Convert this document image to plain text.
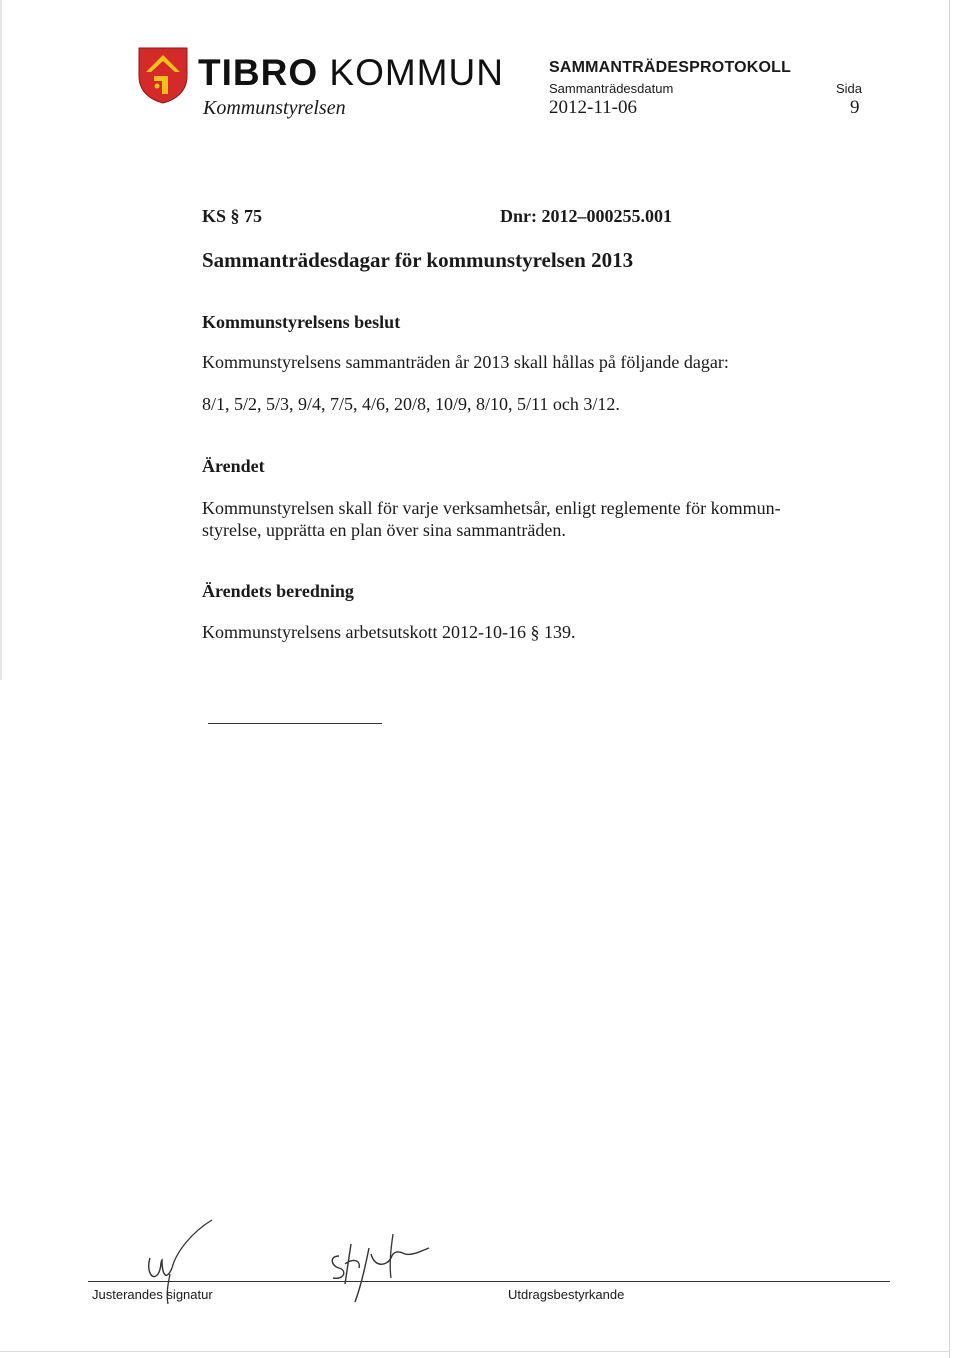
TIBRO KOMMUN
Kommunstyrelsen
SAMMANTRÄDESPROTOKOLL
Sammanträdesdatum
2012-11-06
Sida
9
KS § 75	Dnr: 2012–000255.001
Sammanträdesdagar för kommunstyrelsen 2013
Kommunstyrelsens beslut
Kommunstyrelsens sammanträden år 2013 skall hållas på följande dagar:
8/1, 5/2, 5/3, 9/4, 7/5, 4/6, 20/8, 10/9, 8/10, 5/11 och 3/12.
Ärendet
Kommunstyrelsen skall för varje verksamhetsår, enligt reglemente för kommun-
styrelse, upprätta en plan över sina sammanträden.
Ärendets beredning
Kommunstyrelsens arbetsutskott 2012-10-16 § 139.
Justerandes signatur	Utdragsbestyrkande
